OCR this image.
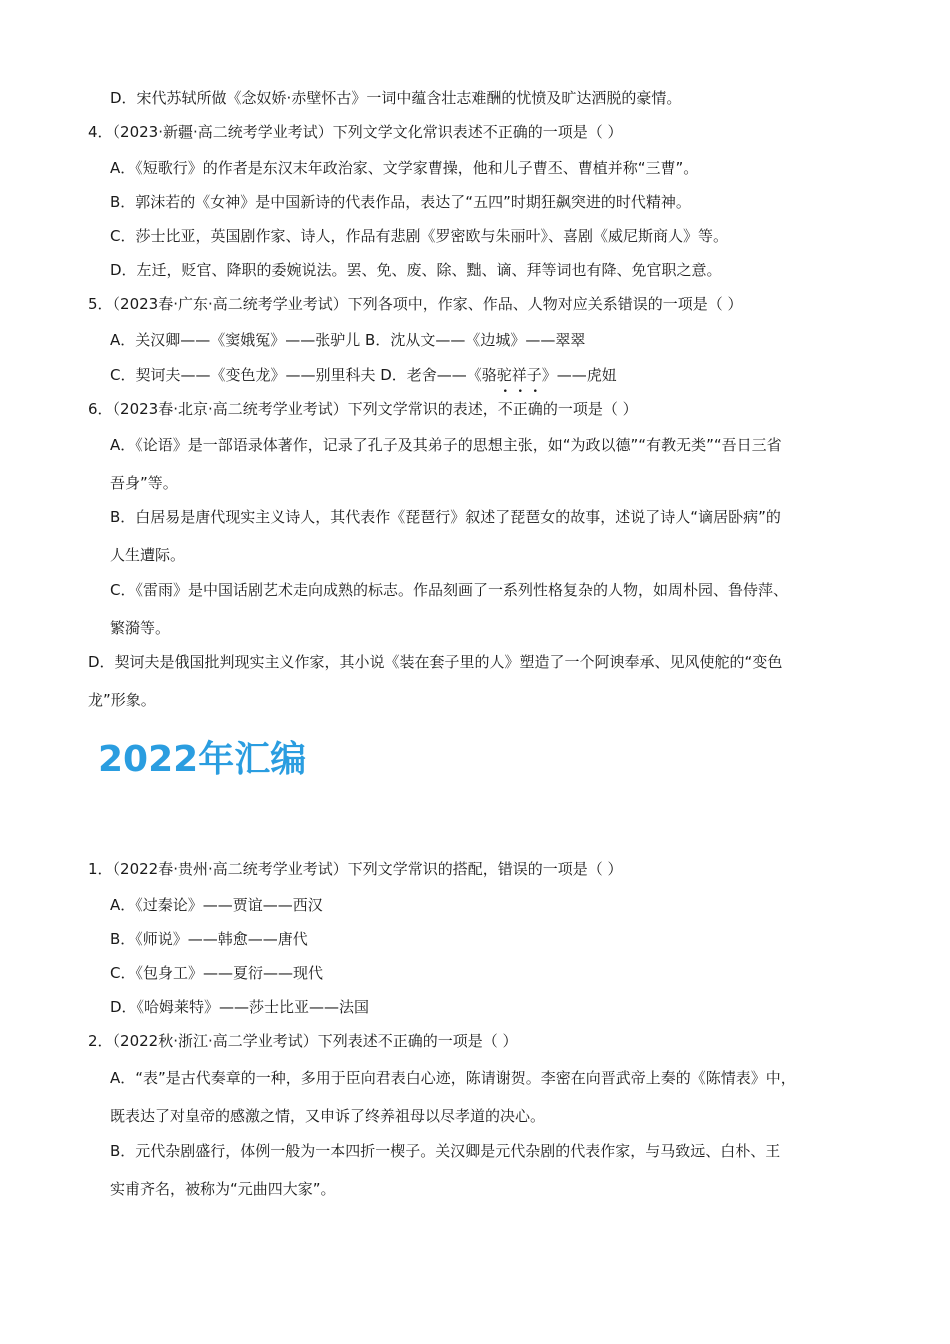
D．宋代苏轼所做《念奴娇·赤壁怀古》一词中蕴含壮志难酬的忧愤及旷达洒脱的豪情。
4．（2023·新疆·高二统考学业考试）下列文学文化常识表述不正确的一项是（ ）
A．《短歌行》的作者是东汉末年政治家、文学家曹操，他和儿子曹丕、曹植并称“三曹”。
B．郭沫若的《女神》是中国新诗的代表作品，表达了“五四”时期狂飙突进的时代精神。
C．莎士比亚，英国剧作家、诗人，作品有悲剧《罗密欧与朱丽叶》、喜剧《威尼斯商人》等。
D．左迁，贬官、降职的委婉说法。罢、免、废、除、黜、谪、拜等词也有降、免官职之意。
5．（2023春·广东·高二统考学业考试）下列各项中，作家、作品、人物对应关系错误的一项是（ ）
A．关汉卿——《窦娥冤》——张驴儿 B．沈从文——《边城》——翠翠
C．契诃夫——《变色龙》——别里科夫 D．老舍——《骆驼祥子》——虎妞
6．（2023春·北京·高二统考学业考试）下列文学常识的表述，不正确的一项是（ ）
A．《论语》是一部语录体著作，记录了孔子及其弟子的思想主张，如“为政以德”“有教无类”“吾日三省
吾身”等。
B．白居易是唐代现实主义诗人，其代表作《琵琶行》叙述了琵琶女的故事，述说了诗人“谪居卧病”的
人生遭际。
C．《雷雨》是中国话剧艺术走向成熟的标志。作品刻画了一系列性格复杂的人物，如周朴园、鲁侍萍、
繁漪等。
D．契诃夫是俄国批判现实主义作家，其小说《装在套子里的人》塑造了一个阿谀奉承、见风使舵的“变色
龙”形象。
2022年汇编
1．（2022春·贵州·高二统考学业考试）下列文学常识的搭配，错误的一项是（ ）
A．《过秦论》——贾谊——西汉
B．《师说》——韩愈——唐代
C．《包身工》——夏衍——现代
D．《哈姆莱特》——莎士比亚——法国
2．（2022秋·浙江·高二学业考试）下列表述不正确的一项是（ ）
A．“表”是古代奏章的一种，多用于臣向君表白心迹，陈请谢贺。李密在向晋武帝上奏的《陈情表》中，
既表达了对皇帝的感激之情，又申诉了终养祖母以尽孝道的决心。
B．元代杂剧盛行，体例一般为一本四折一楔子。关汉卿是元代杂剧的代表作家，与马致远、白朴、王
实甫齐名，被称为“元曲四大家”。
